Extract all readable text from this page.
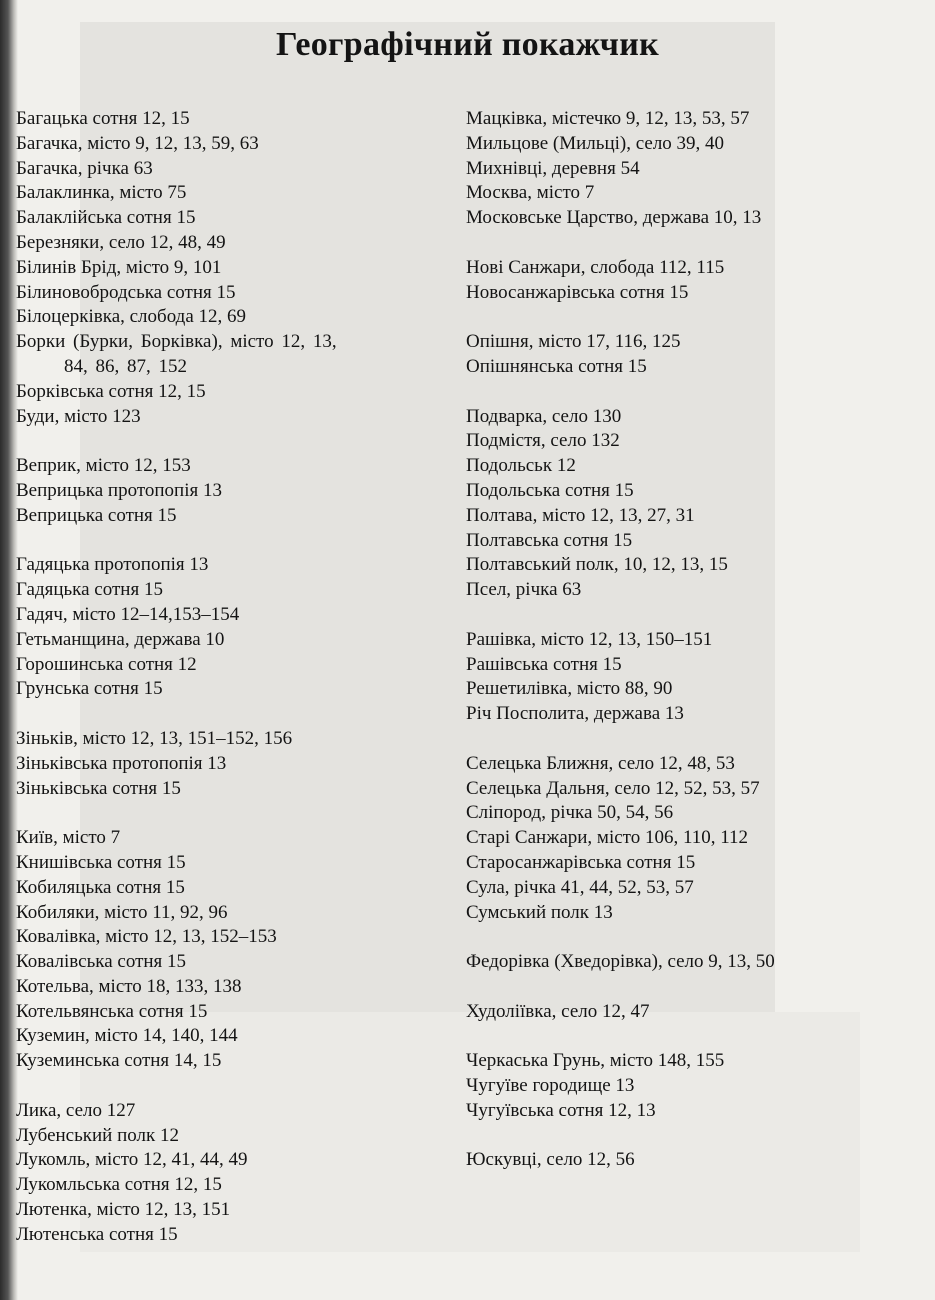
Географічний покажчик
Багацька сотня 12, 15
Багачка, місто 9, 12, 13, 59, 63
Багачка, річка 63
Балаклинка, місто 75
Балаклійська сотня 15
Березняки, село 12, 48, 49
Білинів Брід, місто 9, 101
Білиновобродська сотня 15
Білоцерківка, слобода 12, 69
Борки (Бурки, Борківка), місто 12, 13,
84, 86, 87, 152
Борківська сотня 12, 15
Буди, місто 123
Веприк, місто 12, 153
Веприцька протопопія 13
Веприцька сотня 15
Гадяцька протопопія 13
Гадяцька сотня 15
Гадяч, місто 12–14,153–154
Гетьманщина, держава 10
Горошинська сотня 12
Грунська сотня 15
Зіньків, місто 12, 13, 151–152, 156
Зіньківська протопопія 13
Зіньківська сотня 15
Київ, місто 7
Книшівська сотня 15
Кобиляцька сотня 15
Кобиляки, місто 11, 92, 96
Ковалівка, місто 12, 13, 152–153
Ковалівська сотня 15
Котельва, місто 18, 133, 138
Котельвянська сотня 15
Куземин, місто 14, 140, 144
Куземинська сотня 14, 15
Лика, село 127
Лубенський полк 12
Лукомль, місто 12, 41, 44, 49
Лукомльська сотня 12, 15
Лютенка, місто 12, 13, 151
Лютенська сотня 15
Мацківка, містечко 9, 12, 13, 53, 57
Мильцове (Мильці), село 39, 40
Михнівці, деревня 54
Москва, місто 7
Московське Царство, держава 10, 13
Нові Санжари, слобода 112, 115
Новосанжарівська сотня 15
Опішня, місто 17, 116, 125
Опішнянська сотня 15
Подварка, село 130
Подмістя, село 132
Подольськ 12
Подольська сотня 15
Полтава, місто 12, 13, 27, 31
Полтавська сотня 15
Полтавський полк, 10, 12, 13, 15
Псел, річка 63
Рашівка, місто 12, 13, 150–151
Рашівська сотня 15
Решетилівка, місто 88, 90
Річ Посполита, держава 13
Селецька Ближня, село 12, 48, 53
Селецька Дальня, село 12, 52, 53, 57
Сліпород, річка 50, 54, 56
Старі Санжари, місто 106, 110, 112
Старосанжарівська сотня 15
Сула, річка 41, 44, 52, 53, 57
Сумський полк 13
Федорівка (Хведорівка), село 9, 13, 50
Худоліївка, село 12, 47
Черкаська Грунь, місто 148, 155
Чугуїве городище 13
Чугуївська сотня 12, 13
Юскувці, село 12, 56
